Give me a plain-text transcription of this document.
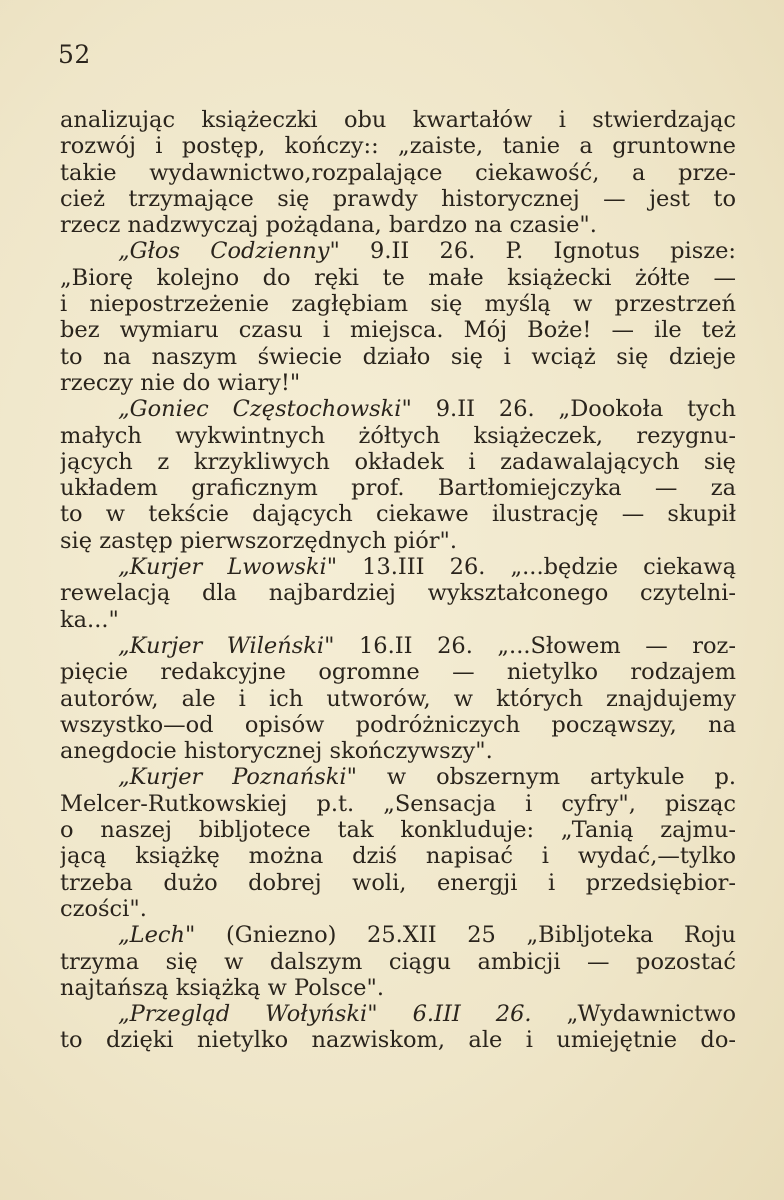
52
analizując książeczki obu kwartałów i stwierdzając
rozwój i postęp, kończy:: „zaiste, tanie a gruntowne
takie wydawnictwo,rozpalające ciekawość, a prze-
cież trzymające się prawdy historycznej — jest to
rzecz nadzwyczaj pożądana, bardzo na czasie".
„Głos Codzienny" 9.II 26. P. Ignotus pisze:
„Biorę kolejno do ręki te małe książecki żółte —
i niepostrzeżenie zagłębiam się myślą w przestrzeń
bez wymiaru czasu i miejsca. Mój Boże! — ile też
to na naszym świecie działo się i wciąż się dzieje
rzeczy nie do wiary!"
„Goniec Częstochowski" 9.II 26. „Dookoła tych
małych wykwintnych żółtych książeczek, rezygnu-
jących z krzykliwych okładek i zadawalających się
układem graficznym prof. Bartłomiejczyka — za
to w tekście dających ciekawe ilustrację — skupił
się zastęp pierwszorzędnych piór".
„Kurjer Lwowski" 13.III 26. „...będzie ciekawą
rewelacją dla najbardziej wykształconego czytelni-
ka..."
„Kurjer Wileński" 16.II 26. „...Słowem — roz-
pięcie redakcyjne ogromne — nietylko rodzajem
autorów, ale i ich utworów, w których znajdujemy
wszystko—od opisów podróżniczych począwszy, na
anegdocie historycznej skończywszy".
„Kurjer Poznański" w obszernym artykule p.
Melcer-Rutkowskiej p.t. „Sensacja i cyfry", pisząc
o naszej bibljotece tak konkluduje: „Tanią zajmu-
jącą książkę można dziś napisać i wydać,—tylko
trzeba dużo dobrej woli, energji i przedsiębior-
czości".
„Lech" (Gniezno) 25.XII 25 „Bibljoteka Roju
trzyma się w dalszym ciągu ambicji — pozostać
najtańszą książką w Polsce".
„Przegląd Wołyński" 6.III 26. „Wydawnictwo
to dzięki nietylko nazwiskom, ale i umiejętnie do-
